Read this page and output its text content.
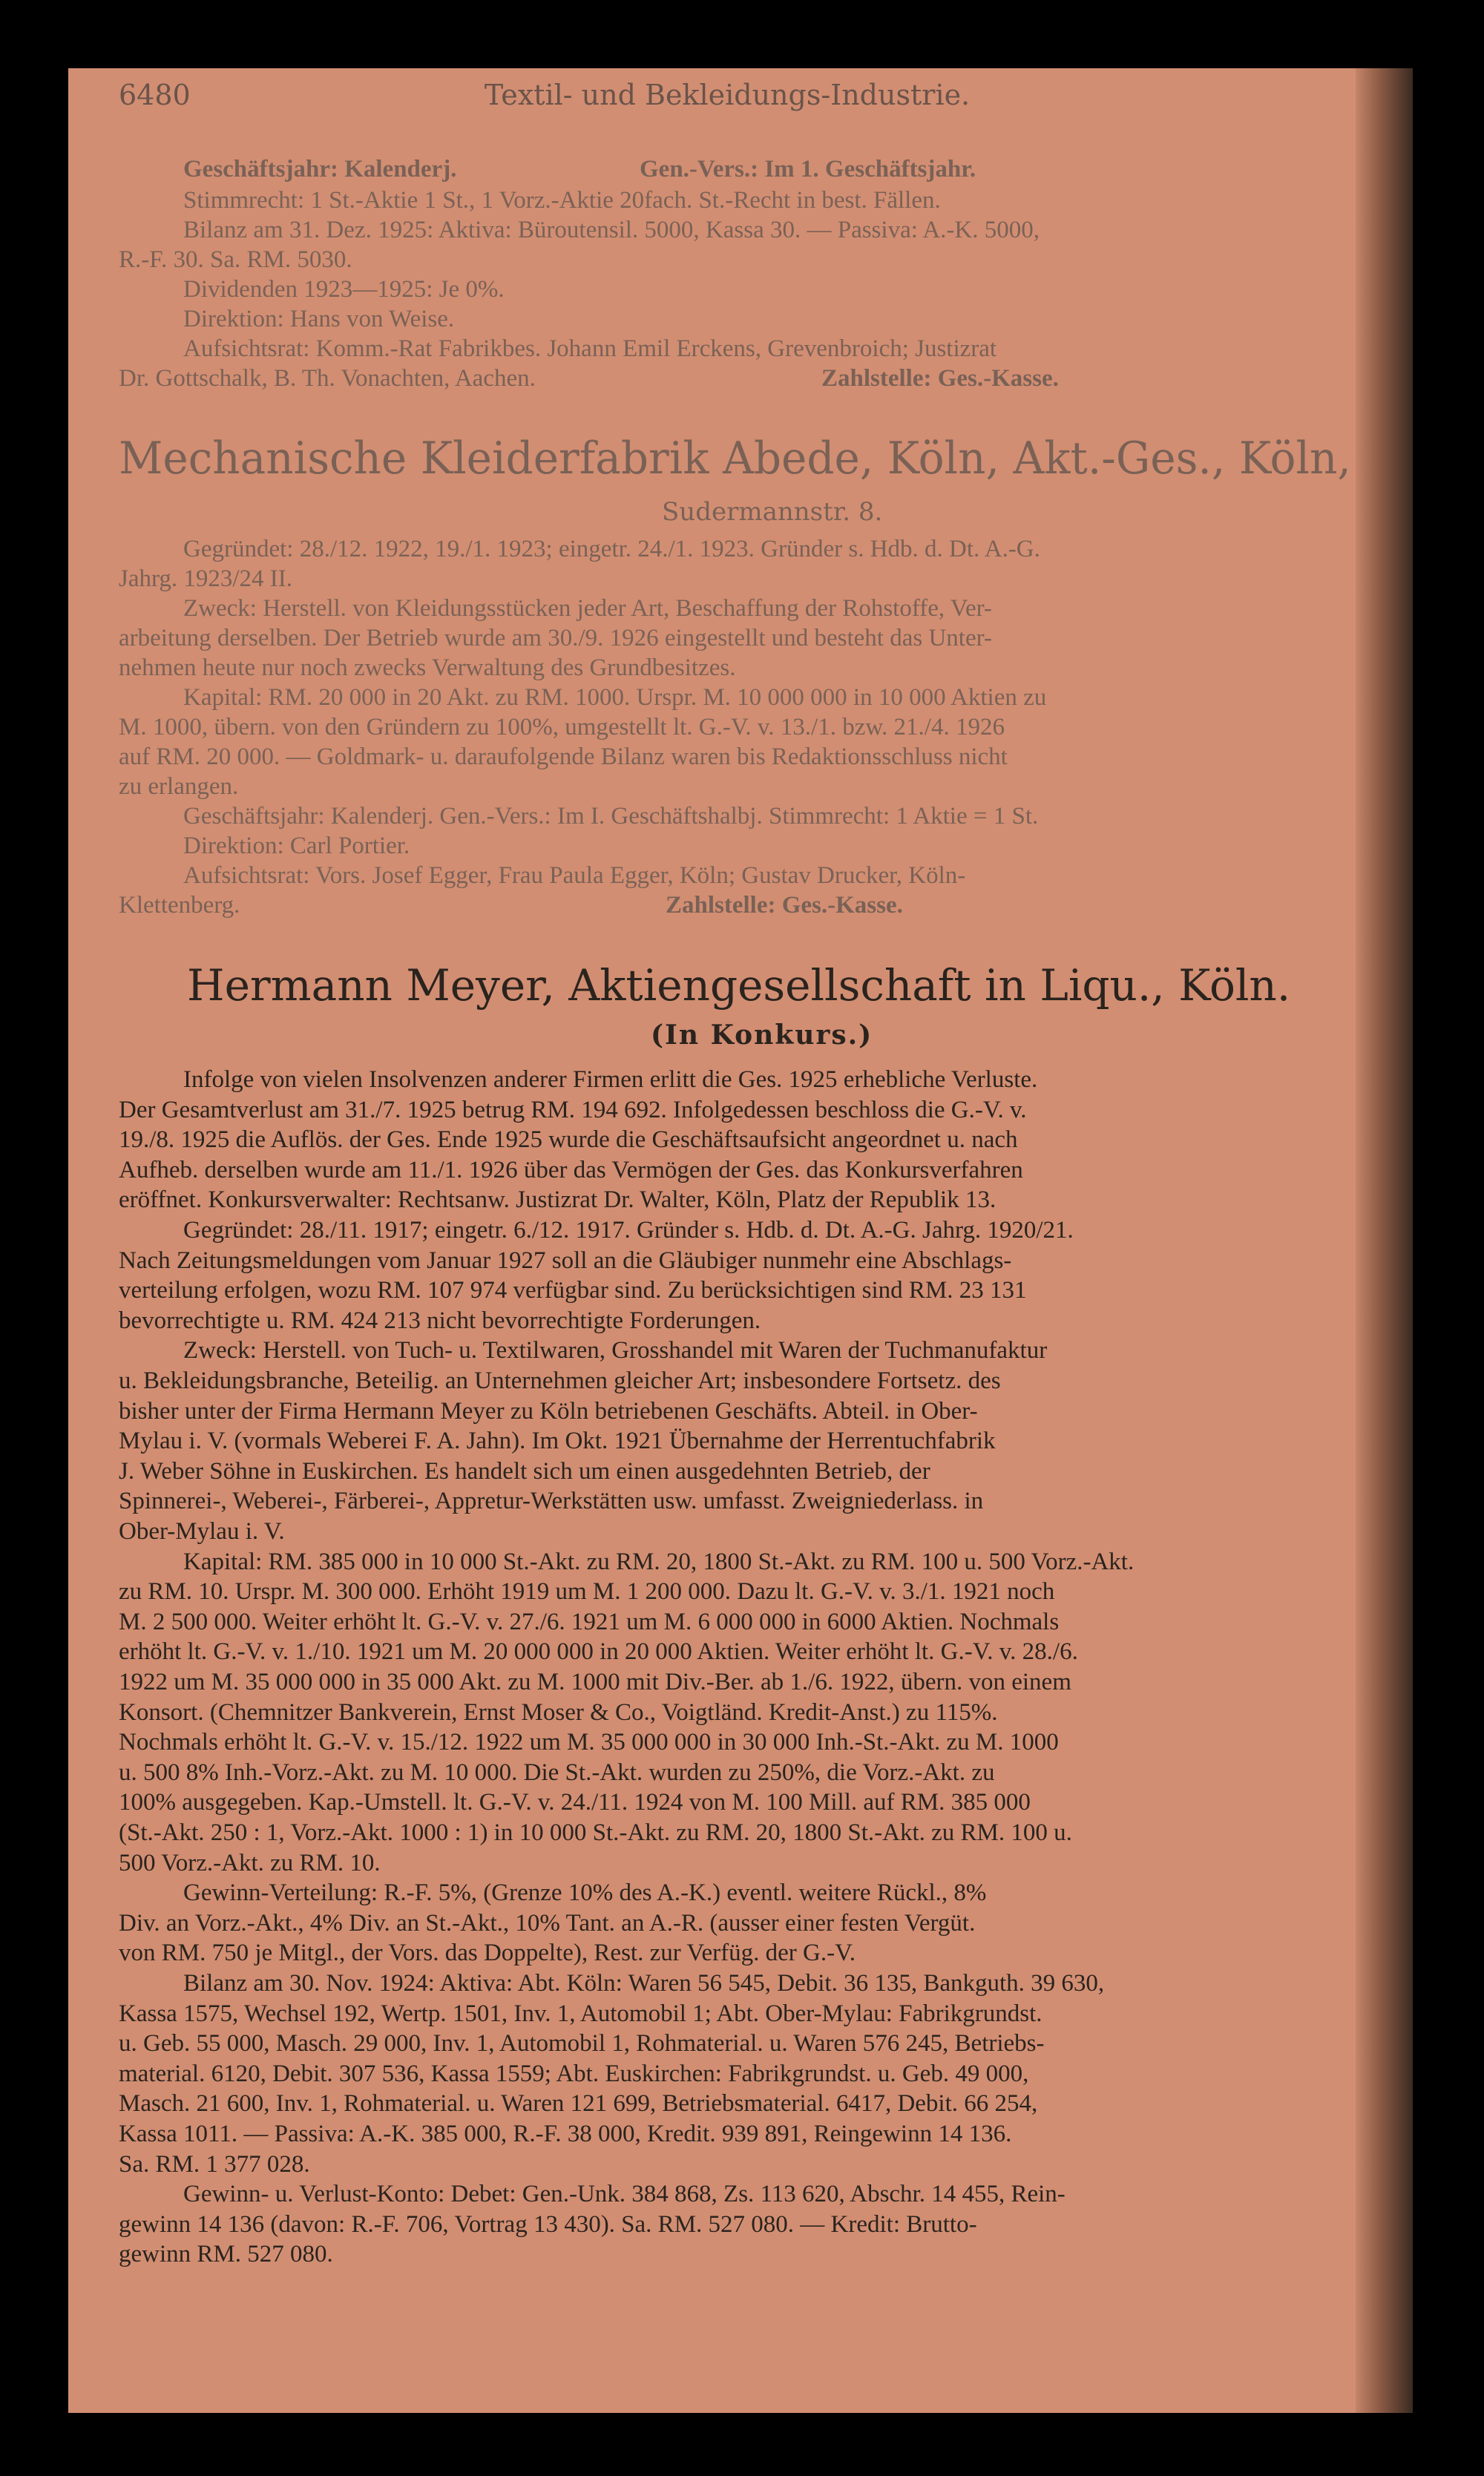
6480	Textil- und Bekleidungs-Industrie.
Geschäftsjahr: Kalenderj.	Gen.-Vers.: Im 1. Geschäftsjahr.
Stimmrecht: 1 St.-Aktie 1 St., 1 Vorz.-Aktie 20fach. St.-Recht in best. Fällen.
Bilanz am 31. Dez. 1925: Aktiva: Büroutensil. 5000, Kassa 30. — Passiva: A.-K. 5000,
R.-F. 30. Sa. RM. 5030.
Dividenden 1923—1925: Je 0%.
Direktion: Hans von Weise.
Aufsichtsrat: Komm.-Rat Fabrikbes. Johann Emil Erckens, Grevenbroich; Justizrat
Dr. Gottschalk, B. Th. Vonachten, Aachen.	Zahlstelle: Ges.-Kasse.
Mechanische Kleiderfabrik Abede, Köln, Akt.-Ges., Köln,
Sudermannstr. 8.
Gegründet: 28./12. 1922, 19./1. 1923; eingetr. 24./1. 1923. Gründer s. Hdb. d. Dt. A.-G.
Jahrg. 1923/24 II.
Zweck: Herstell. von Kleidungsstücken jeder Art, Beschaffung der Rohstoffe, Ver-
arbeitung derselben. Der Betrieb wurde am 30./9. 1926 eingestellt und besteht das Unter-
nehmen heute nur noch zwecks Verwaltung des Grundbesitzes.
Kapital: RM. 20 000 in 20 Akt. zu RM. 1000. Urspr. M. 10 000 000 in 10 000 Aktien zu
M. 1000, übern. von den Gründern zu 100%, umgestellt lt. G.-V. v. 13./1. bzw. 21./4. 1926
auf RM. 20 000. — Goldmark- u. daraufolgende Bilanz waren bis Redaktionsschluss nicht
zu erlangen.
Geschäftsjahr: Kalenderj. Gen.-Vers.: Im I. Geschäftshalbj. Stimmrecht: 1 Aktie = 1 St.
Direktion: Carl Portier.
Aufsichtsrat: Vors. Josef Egger, Frau Paula Egger, Köln; Gustav Drucker, Köln-
Klettenberg.	Zahlstelle: Ges.-Kasse.
Hermann Meyer, Aktiengesellschaft in Liqu., Köln.
(In Konkurs.)
Infolge von vielen Insolvenzen anderer Firmen erlitt die Ges. 1925 erhebliche Verluste.
Der Gesamtverlust am 31./7. 1925 betrug RM. 194 692. Infolgedessen beschloss die G.-V. v.
19./8. 1925 die Auflös. der Ges. Ende 1925 wurde die Geschäftsaufsicht angeordnet u. nach
Aufheb. derselben wurde am 11./1. 1926 über das Vermögen der Ges. das Konkursverfahren
eröffnet. Konkursverwalter: Rechtsanw. Justizrat Dr. Walter, Köln, Platz der Republik 13.
Gegründet: 28./11. 1917; eingetr. 6./12. 1917. Gründer s. Hdb. d. Dt. A.-G. Jahrg. 1920/21.
Nach Zeitungsmeldungen vom Januar 1927 soll an die Gläubiger nunmehr eine Abschlags-
verteilung erfolgen, wozu RM. 107 974 verfügbar sind. Zu berücksichtigen sind RM. 23 131
bevorrechtigte u. RM. 424 213 nicht bevorrechtigte Forderungen.
Zweck: Herstell. von Tuch- u. Textilwaren, Grosshandel mit Waren der Tuchmanufaktur
u. Bekleidungsbranche, Beteilig. an Unternehmen gleicher Art; insbesondere Fortsetz. des
bisher unter der Firma Hermann Meyer zu Köln betriebenen Geschäfts. Abteil. in Ober-
Mylau i. V. (vormals Weberei F. A. Jahn). Im Okt. 1921 Übernahme der Herrentuchfabrik
J. Weber Söhne in Euskirchen. Es handelt sich um einen ausgedehnten Betrieb, der
Spinnerei-, Weberei-, Färberei-, Appretur-Werkstätten usw. umfasst. Zweigniederlass. in
Ober-Mylau i. V.
Kapital: RM. 385 000 in 10 000 St.-Akt. zu RM. 20, 1800 St.-Akt. zu RM. 100 u. 500 Vorz.-Akt.
zu RM. 10. Urspr. M. 300 000. Erhöht 1919 um M. 1 200 000. Dazu lt. G.-V. v. 3./1. 1921 noch
M. 2 500 000. Weiter erhöht lt. G.-V. v. 27./6. 1921 um M. 6 000 000 in 6000 Aktien. Nochmals
erhöht lt. G.-V. v. 1./10. 1921 um M. 20 000 000 in 20 000 Aktien. Weiter erhöht lt. G.-V. v. 28./6.
1922 um M. 35 000 000 in 35 000 Akt. zu M. 1000 mit Div.-Ber. ab 1./6. 1922, übern. von einem
Konsort. (Chemnitzer Bankverein, Ernst Moser & Co., Voigtländ. Kredit-Anst.) zu 115%.
Nochmals erhöht lt. G.-V. v. 15./12. 1922 um M. 35 000 000 in 30 000 Inh.-St.-Akt. zu M. 1000
u. 500 8% Inh.-Vorz.-Akt. zu M. 10 000. Die St.-Akt. wurden zu 250%, die Vorz.-Akt. zu
100% ausgegeben. Kap.-Umstell. lt. G.-V. v. 24./11. 1924 von M. 100 Mill. auf RM. 385 000
(St.-Akt. 250 : 1, Vorz.-Akt. 1000 : 1) in 10 000 St.-Akt. zu RM. 20, 1800 St.-Akt. zu RM. 100 u.
500 Vorz.-Akt. zu RM. 10.
Gewinn-Verteilung: R.-F. 5%, (Grenze 10% des A.-K.) eventl. weitere Rückl., 8%
Div. an Vorz.-Akt., 4% Div. an St.-Akt., 10% Tant. an A.-R. (ausser einer festen Vergüt.
von RM. 750 je Mitgl., der Vors. das Doppelte), Rest. zur Verfüg. der G.-V.
Bilanz am 30. Nov. 1924: Aktiva: Abt. Köln: Waren 56 545, Debit. 36 135, Bankguth. 39 630,
Kassa 1575, Wechsel 192, Wertp. 1501, Inv. 1, Automobil 1; Abt. Ober-Mylau: Fabrikgrundst.
u. Geb. 55 000, Masch. 29 000, Inv. 1, Automobil 1, Rohmaterial. u. Waren 576 245, Betriebs-
material. 6120, Debit. 307 536, Kassa 1559; Abt. Euskirchen: Fabrikgrundst. u. Geb. 49 000,
Masch. 21 600, Inv. 1, Rohmaterial. u. Waren 121 699, Betriebsmaterial. 6417, Debit. 66 254,
Kassa 1011. — Passiva: A.-K. 385 000, R.-F. 38 000, Kredit. 939 891, Reingewinn 14 136.
Sa. RM. 1 377 028.
Gewinn- u. Verlust-Konto: Debet: Gen.-Unk. 384 868, Zs. 113 620, Abschr. 14 455, Rein-
gewinn 14 136 (davon: R.-F. 706, Vortrag 13 430). Sa. RM. 527 080. — Kredit: Brutto-
gewinn RM. 527 080.
